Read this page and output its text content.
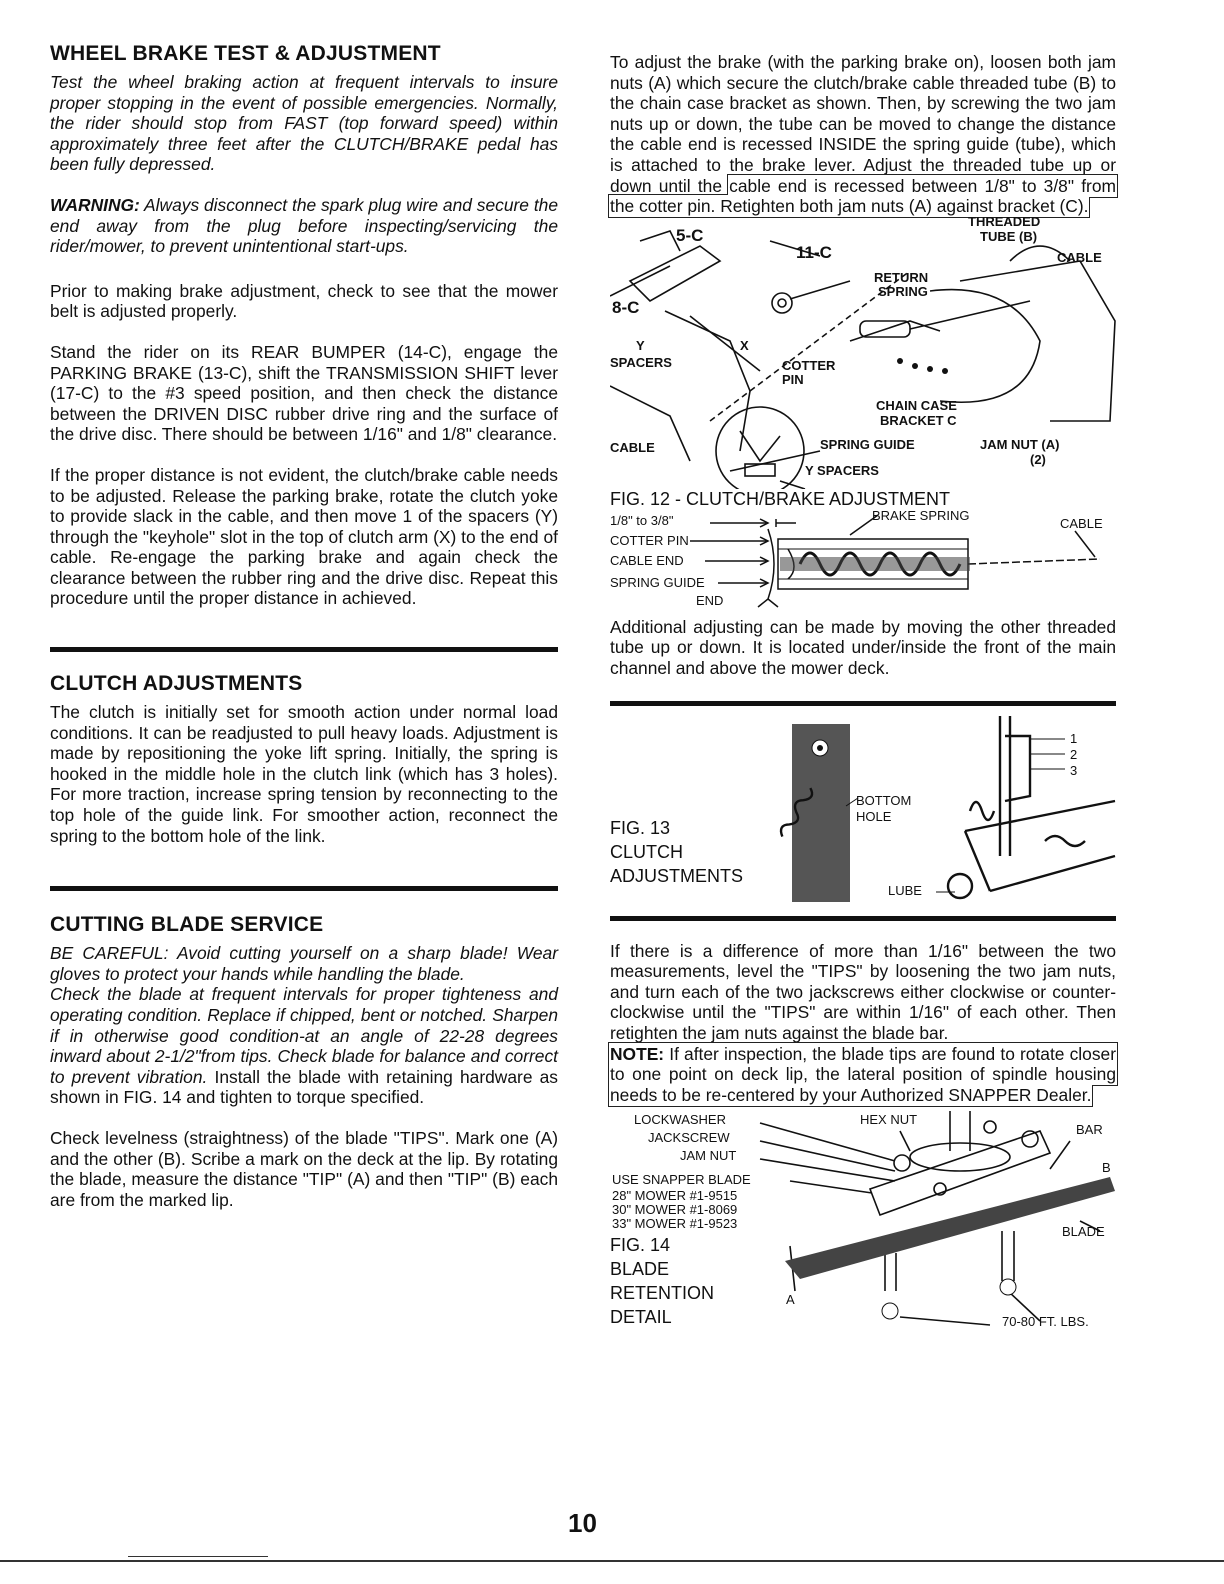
WHEEL BRAKE TEST & ADJUSTMENT

Test the wheel braking action at frequent intervals to insure proper stopping in the event of possible emergencies. Normally, the rider should stop from FAST (top forward speed) within approximately three feet after the CLUTCH/BRAKE pedal has been fully depressed.

WARNING: Always disconnect the spark plug wire and secure the end away from the plug before inspecting/servicing the rider/mower, to prevent unintentional start-ups.

Prior to making brake adjustment, check to see that the mower belt is adjusted properly.

Stand the rider on its REAR BUMPER (14-C), engage the PARKING BRAKE (13-C), shift the TRANSMISSION SHIFT lever (17-C) to the #3 speed position, and then check the distance between the DRIVEN DISC rubber drive ring and the surface of the drive disc. There should be between 1/16" and 1/8" clearance.

If the proper distance is not evident, the clutch/brake cable needs to be adjusted. Release the parking brake, rotate the clutch yoke to provide slack in the cable, and then move 1 of the spacers (Y) through the "keyhole" slot in the top of clutch arm (X) to the end of cable. Re-engage the parking brake and again check the clearance between the rubber ring and the drive disc. Repeat this procedure until the proper distance in achieved.

CLUTCH ADJUSTMENTS

The clutch is initially set for smooth action under normal load conditions. It can be readjusted to pull heavy loads. Adjustment is made by repositioning the yoke lift spring. Initially, the spring is hooked in the middle hole in the clutch link (which has 3 holes). For more traction, increase spring tension by reconnecting to the top hole of the guide link. For smoother action, reconnect the spring to the bottom hole of the link.

CUTTING BLADE SERVICE

BE CAREFUL: Avoid cutting yourself on a sharp blade! Wear gloves to protect your hands while handling the blade.

Check the blade at frequent intervals for proper tighteness and operating condition. Replace if chipped, bent or notched. Sharpen if in otherwise good condition-at an angle of 22-28 degrees inward about 2-1/2"from tips. Check blade for balance and correct to prevent vibration. Install the blade with retaining hardware as shown in FIG. 14 and tighten to torque specified.

Check levelness (straightness) of the blade "TIPS". Mark one (A) and the other (B). Scribe a mark on the deck at the lip. By rotating the blade, measure the distance "TIP" (A) and then "TIP" (B) each are from the marked lip.

To adjust the brake (with the parking brake on), loosen both jam nuts (A) which secure the clutch/brake cable threaded tube (B) to the chain case bracket as shown. Then, by screwing the two jam nuts up or down, the tube can be moved to change the distance the cable end is recessed INSIDE the spring guide (tube), which is attached to the brake lever. Adjust the threaded tube up or down until the cable end is recessed between 1/8" to 3/8" from the cotter pin. Retighten both jam nuts (A) against bracket (C).

THREADED
TUBE (B)
CABLE
5-C
11-C
8-C
RETURN
SPRING
Y	X
SPACERS	COTTER
PIN
CHAIN CASE
BRACKET C
CABLE	SPRING GUIDE	JAM NUT (A)
(2)
Y SPACERS
FIG. 12 - CLUTCH/BRAKE ADJUSTMENT
1/8" to 3/8"
COTTER PIN
BRAKE SPRING
CABLE
CABLE END
SPRING GUIDE
END

Additional adjusting can be made by moving the other threaded tube up or down. It is located under/inside the front of the main channel and above the mower deck.

FIG. 13
CLUTCH
ADJUSTMENTS
BOTTOM
HOLE
LUBE
1
2
3

If there is a difference of more than 1/16" between the two measurements, level the "TIPS" by loosening the two jam nuts, and turn each of the two jackscrews either clockwise or counter-clockwise until the "TIPS" are within 1/16" of each other. Then retighten the jam nuts against the blade bar.

NOTE: If after inspection, the blade tips are found to rotate closer to one point on deck lip, the lateral position of spindle housing needs to be re-centered by your Authorized SNAPPER Dealer.

LOCKWASHER	HEX NUT
BAR
JACKSCREW
JAM NUT
B
USE SNAPPER BLADE
28" MOWER #1-9515
30" MOWER #1-8069
33" MOWER #1-9523
BLADE
A
70-80 FT. LBS.
FIG. 14
BLADE
RETENTION
DETAIL
10
